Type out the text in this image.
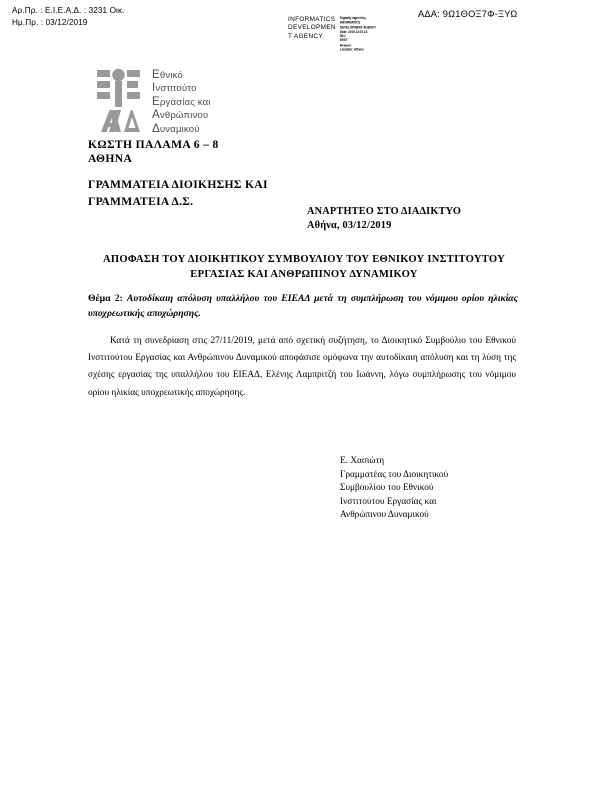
Αρ.Πρ. : Ε.Ι.Ε.Α.Δ. : 3231 Οικ.
Ημ.Πρ. : 03/12/2019
ΑΔΑ: 9Ω1ΘΟΞ7Φ-ΞΥΩ
INFORMATICS
DEVELOPMEN
T AGENCY
Digitally signed by
INFORMATICS
DEVELOPMENT AGENCY
Date: 2019.12.03 13:
06:1
EEST
Reason:
Location: Athens
Εθνικό
Ινστιτούτο
Εργασίας και
Ανθρώπινου
Δυναμικού
ΚΩΣΤΗ ΠΑΛΑΜΑ 6 – 8
ΑΘΗΝΑ
ΓΡΑΜΜΑΤΕΙΑ ΔΙΟΙΚΗΣΗΣ ΚΑΙ
ΓΡΑΜΜΑΤΕΙΑ Δ.Σ.
ΑΝΑΡΤΗΤΕΟ ΣΤΟ ΔΙΑΔΙΚΤΥΟ
Αθήνα, 03/12/2019
ΑΠΟΦΑΣΗ ΤΟΥ ΔΙΟΙΚΗΤΙΚΟΥ ΣΥΜΒΟΥΛΙΟΥ ΤΟΥ ΕΘΝΙΚΟΥ ΙΝΣΤΙΤΟΥΤΟΥ ΕΡΓΑΣΙΑΣ ΚΑΙ ΑΝΘΡΩΠΙΝΟΥ ΔΥΝΑΜΙΚΟΥ
Θέμα 2: Αυτοδίκαιη απόλυση υπαλλήλου του ΕΙΕΑΔ μετά τη συμπλήρωση του νόμιμου ορίου ηλικίας υποχρεωτικής αποχώρησης.
Κατά τη συνεδρίαση στις 27/11/2019, μετά από σχετική συζήτηση, το Διοικητικό Συμβούλιο του Εθνικού Ινστιτούτου Εργασίας και Ανθρώπινου Δυναμικού αποφάσισε ομόφωνα την αυτοδίκαιη απόλυση και τη λύση της σχέσης εργασίας της υπαλλήλου του ΕΙΕΑΔ, Ελένης Λαμπριτζή του Ιωάννη, λόγω συμπλήρωσης του νόμιμου ορίου ηλικίας υποχρεωτικής αποχώρησης.
Ε. Χασιώτη
Γραμματέας του Διοικητικού
Συμβουλίου του Εθνικού
Ινστιτούτου Εργασίας και
Ανθρώπινου Δυναμικού
